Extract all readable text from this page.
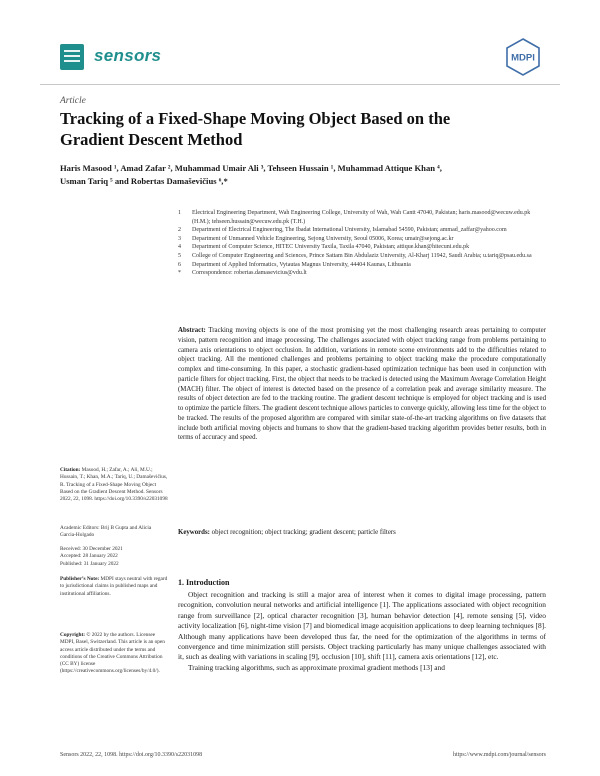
sensors	MDPI
Article
Tracking of a Fixed-Shape Moving Object Based on the Gradient Descent Method
Haris Masood ¹, Amad Zafar ², Muhammad Umair Ali ³, Tehseen Hussain ¹, Muhammad Attique Khan ⁴,
Usman Tariq ⁵ and Robertas Damaševičius ⁶,*
1	Electrical Engineering Department, Wah Engineering College, University of Wah, Wah Cantt 47040, Pakistan; haris.masood@wecuw.edu.pk (H.M.); tehseen.hussain@wecuw.edu.pk (T.H.)
2	Department of Electrical Engineering, The Ibadat International University, Islamabad 54590, Pakistan; ammad_zaffar@yahoo.com
3	Department of Unmanned Vehicle Engineering, Sejong University, Seoul 05006, Korea; umair@sejong.ac.kr
4	Department of Computer Science, HITEC University Taxila, Taxila 47040, Pakistan; attique.khan@hitecuni.edu.pk
5	College of Computer Engineering and Sciences, Prince Sattam Bin Abdulaziz University, Al-Kharj 11942, Saudi Arabia; u.tariq@psau.edu.sa
6	Department of Applied Informatics, Vytautas Magnus University, 44404 Kaunas, Lithuania
*	Correspondence: robertas.damasevicius@vdu.lt
Abstract: Tracking moving objects is one of the most promising yet the most challenging research areas pertaining to computer vision, pattern recognition and image processing. The challenges associated with object tracking range from problems pertaining to camera axis orientations to object occlusion. In addition, variations in remote scene environments add to the difficulties related to object tracking. All the mentioned challenges and problems pertaining to object tracking make the procedure computationally complex and time-consuming. In this paper, a stochastic gradient-based optimization technique has been used in conjunction with particle filters for object tracking. First, the object that needs to be tracked is detected using the Maximum Average Correlation Height (MACH) filter. The object of interest is detected based on the presence of a correlation peak and average similarity measure. The results of object detection are fed to the tracking routine. The gradient descent technique is employed for object tracking and is used to optimize the particle filters. The gradient descent technique allows particles to converge quickly, allowing less time for the object to be tracked. The results of the proposed algorithm are compared with similar state-of-the-art tracking algorithms on five datasets that include both artificial moving objects and humans to show that the gradient-based tracking algorithm provides better results, both in terms of accuracy and speed.
Keywords: object recognition; object tracking; gradient descent; particle filters
Citation: Masood, H.; Zafar, A.; Ali, M.U.; Hussain, T.; Khan, M.A.; Tariq, U.; Damaševičius, R. Tracking of a Fixed-Shape Moving Object Based on the Gradient Descent Method. Sensors 2022, 22, 1098. https://doi.org/10.3390/s22031098
Academic Editors: Brij B Gupta and Alicia Garcia-Holgado
Received: 30 December 2021
Accepted: 28 January 2022
Published: 31 January 2022
Publisher’s Note: MDPI stays neutral with regard to jurisdictional claims in published maps and institutional affiliations.
Copyright: © 2022 by the authors. Licensee MDPI, Basel, Switzerland. This article is an open access article distributed under the terms and conditions of the Creative Commons Attribution (CC BY) license (https://creativecommons.org/licenses/by/4.0/).
1. Introduction

Object recognition and tracking is still a major area of interest when it comes to digital image processing, pattern recognition, convolution neural networks and artificial intelligence [1]. The applications associated with object recognition range from surveillance [2], optical character recognition [3], human behavior detection [4], remote sensing [5], video activity localization [6], night-time vision [7] and biomedical image acquisition applications to deep learning techniques [8]. Although many applications have been developed thus far, the need for the optimization of the algorithms in terms of convergence and time minimization still persists. Object tracking particularly has many unique challenges associated with it, such as dealing with variations in scaling [9], occlusion [10], shift [11], camera axis orientations [12], etc.

Training tracking algorithms, such as approximate proximal gradient methods [13] and

Sensors 2022, 22, 1098. https://doi.org/10.3390/s22031098	https://www.mdpi.com/journal/sensors
